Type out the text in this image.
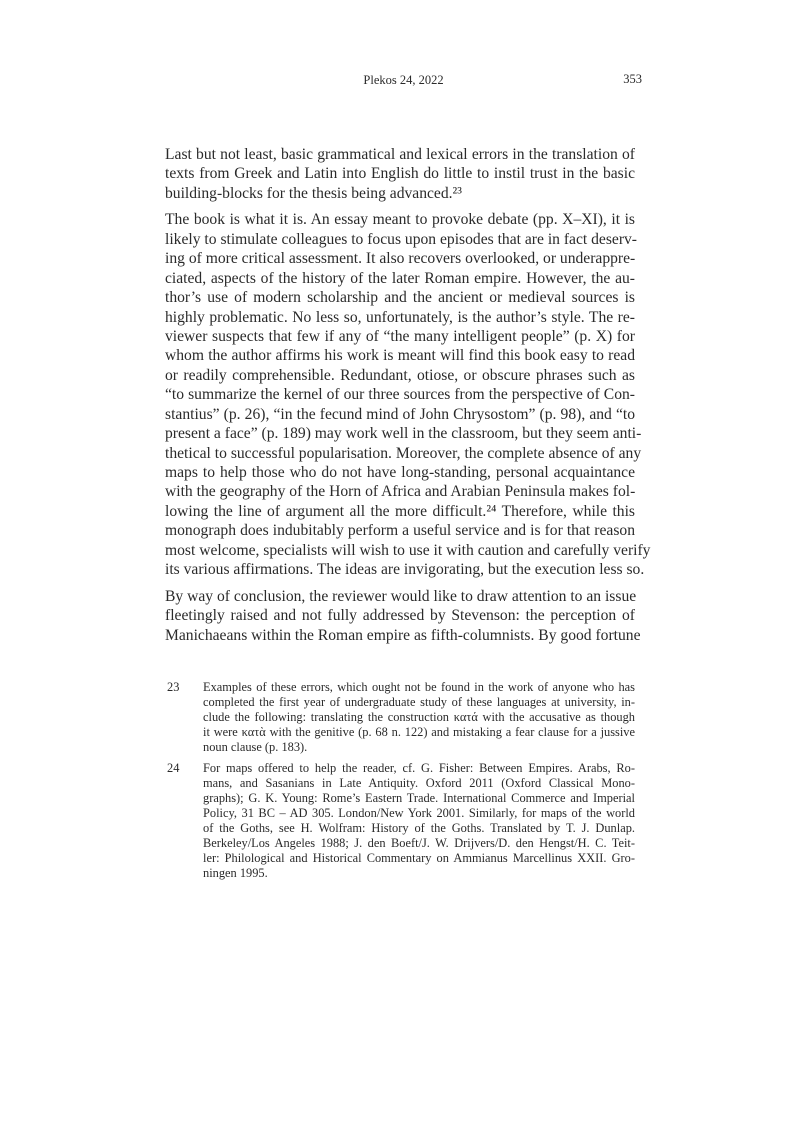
Plekos 24, 2022	353
Last but not least, basic grammatical and lexical errors in the translation of
texts from Greek and Latin into English do little to instil trust in the basic
building-blocks for the thesis being advanced.²³
The book is what it is. An essay meant to provoke debate (pp. X–XI), it is
likely to stimulate colleagues to focus upon episodes that are in fact deserv-
ing of more critical assessment. It also recovers overlooked, or underappre-
ciated, aspects of the history of the later Roman empire. However, the au-
thor’s use of modern scholarship and the ancient or medieval sources is
highly problematic. No less so, unfortunately, is the author’s style. The re-
viewer suspects that few if any of “the many intelligent people” (p. X) for
whom the author affirms his work is meant will find this book easy to read
or readily comprehensible. Redundant, otiose, or obscure phrases such as
“to summarize the kernel of our three sources from the perspective of Con-
stantius” (p. 26), “in the fecund mind of John Chrysostom” (p. 98), and “to
present a face” (p. 189) may work well in the classroom, but they seem anti-
thetical to successful popularisation. Moreover, the complete absence of any
maps to help those who do not have long-standing, personal acquaintance
with the geography of the Horn of Africa and Arabian Peninsula makes fol-
lowing the line of argument all the more difficult.²⁴ Therefore, while this
monograph does indubitably perform a useful service and is for that reason
most welcome, specialists will wish to use it with caution and carefully verify
its various affirmations. The ideas are invigorating, but the execution less so.
By way of conclusion, the reviewer would like to draw attention to an issue
fleetingly raised and not fully addressed by Stevenson: the perception of
Manichaeans within the Roman empire as fifth-columnists. By good fortune
23 Examples of these errors, which ought not be found in the work of anyone who has
completed the first year of undergraduate study of these languages at university, in-
clude the following: translating the construction κατά with the accusative as though
it were κατὰ with the genitive (p. 68 n. 122) and mistaking a fear clause for a jussive
noun clause (p. 183).
24 For maps offered to help the reader, cf. G. Fisher: Between Empires. Arabs, Ro-
mans, and Sasanians in Late Antiquity. Oxford 2011 (Oxford Classical Mono-
graphs); G. K. Young: Rome’s Eastern Trade. International Commerce and Imperial
Policy, 31 BC – AD 305. London/New York 2001. Similarly, for maps of the world
of the Goths, see H. Wolfram: History of the Goths. Translated by T. J. Dunlap.
Berkeley/Los Angeles 1988; J. den Boeft/J. W. Drijvers/D. den Hengst/H. C. Teit-
ler: Philological and Historical Commentary on Ammianus Marcellinus XXII. Gro-
ningen 1995.
